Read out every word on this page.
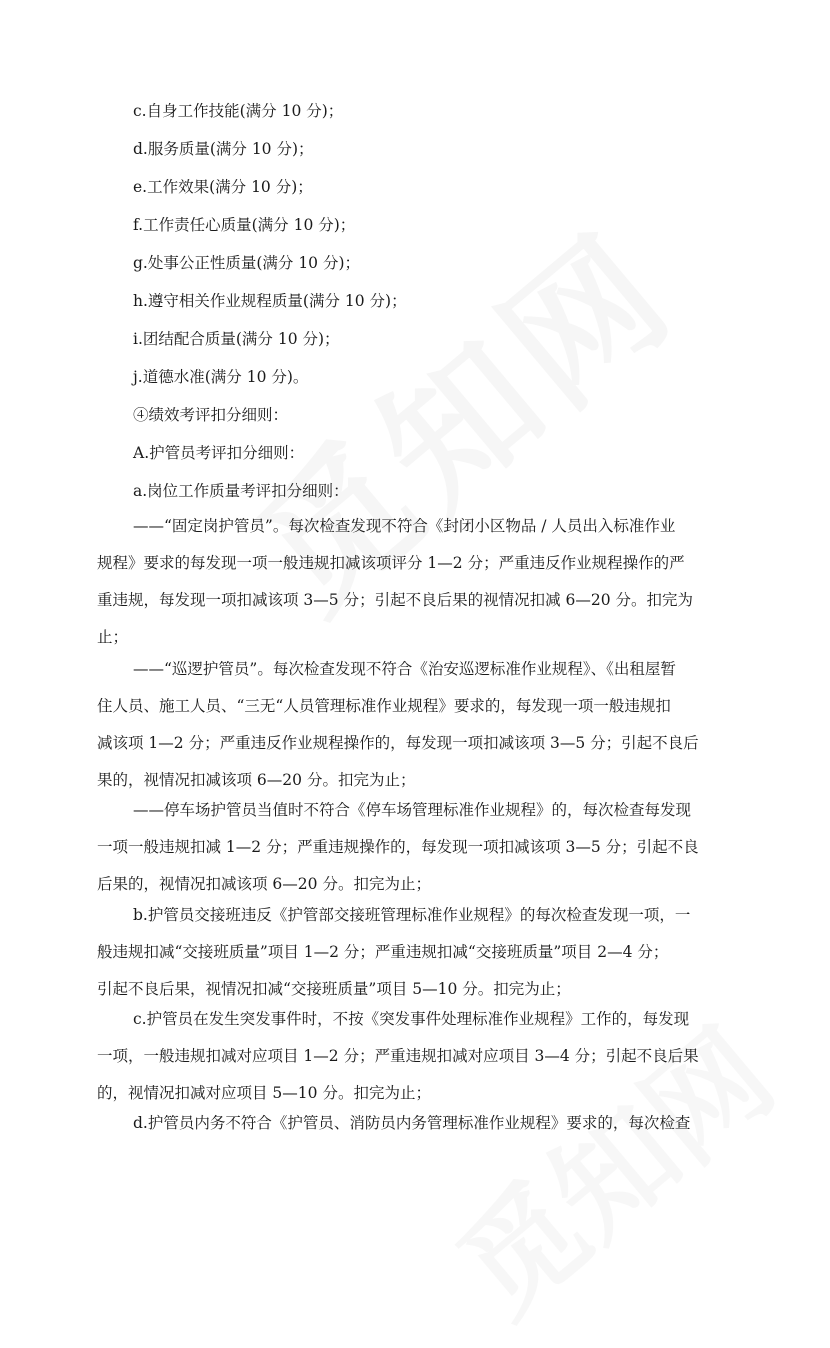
c.自身工作技能(满分 10 分)；
d.服务质量(满分 10 分)；
e.工作效果(满分 10 分)；
f.工作责任心质量(满分 10 分)；
g.处事公正性质量(满分 10 分)；
h.遵守相关作业规程质量(满分 10 分)；
i.团结配合质量(满分 10 分)；
j.道德水准(满分 10 分)。
④绩效考评扣分细则：
A.护管员考评扣分细则：
a.岗位工作质量考评扣分细则：
——“固定岗护管员”。每次检查发现不符合《封闭小区物品 / 人员出入标准作业
规程》要求的每发现一项一般违规扣减该项评分 1—2 分；严重违反作业规程操作的严
重违规，每发现一项扣减该项 3—5 分；引起不良后果的视情况扣减 6—20 分。扣完为
止；
——“巡逻护管员”。每次检查发现不符合《治安巡逻标准作业规程》、《出租屋暂
住人员、施工人员、“三无“人员管理标准作业规程》要求的，每发现一项一般违规扣
减该项 1—2 分；严重违反作业规程操作的，每发现一项扣减该项 3—5 分；引起不良后
果的，视情况扣减该项 6—20 分。扣完为止；
——停车场护管员当值时不符合《停车场管理标准作业规程》的，每次检查每发现
一项一般违规扣减 1—2 分；严重违规操作的，每发现一项扣减该项 3—5 分；引起不良
后果的，视情况扣减该项 6—20 分。扣完为止；
b.护管员交接班违反《护管部交接班管理标准作业规程》的每次检查发现一项，一
般违规扣减“交接班质量”项目 1—2 分；严重违规扣减“交接班质量”项目 2—4 分；
引起不良后果，视情况扣减“交接班质量”项目 5—10 分。扣完为止；
c.护管员在发生突发事件时，不按《突发事件处理标准作业规程》工作的，每发现
一项，一般违规扣减对应项目 1—2 分；严重违规扣减对应项目 3—4 分；引起不良后果
的，视情况扣减对应项目 5—10 分。扣完为止；
d.护管员内务不符合《护管员、消防员内务管理标准作业规程》要求的，每次检查
